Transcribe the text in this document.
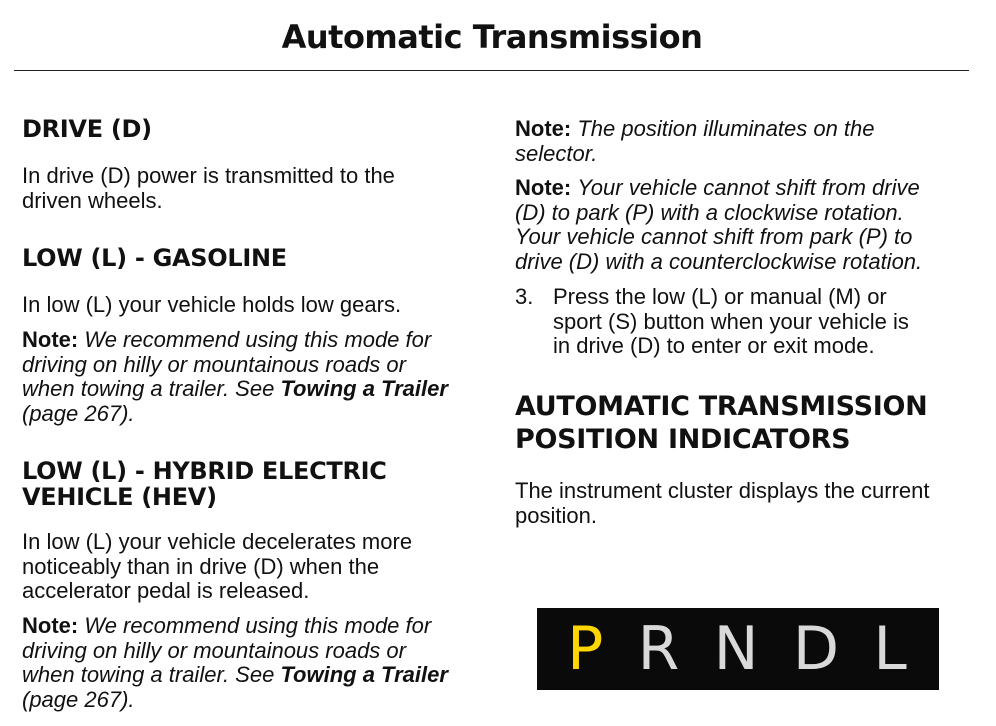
Automatic Transmission
DRIVE (D)

In drive (D) power is transmitted to the
driven wheels.

LOW (L) - GASOLINE

In low (L) your vehicle holds low gears.

Note: We recommend using this mode for
driving on hilly or mountainous roads or
when towing a trailer. See Towing a Trailer
(page 267).

LOW (L) - HYBRID ELECTRIC
VEHICLE (HEV)

In low (L) your vehicle decelerates more
noticeably than in drive (D) when the
accelerator pedal is released.

Note: We recommend using this mode for
driving on hilly or mountainous roads or
when towing a trailer. See Towing a Trailer
(page 267).

Note: The position illuminates on the
selector.

Note: Your vehicle cannot shift from drive
(D) to park (P) with a clockwise rotation.
Your vehicle cannot shift from park (P) to
drive (D) with a counterclockwise rotation.

3. Press the low (L) or manual (M) or
sport (S) button when your vehicle is
in drive (D) to enter or exit mode.

AUTOMATIC TRANSMISSION
POSITION INDICATORS

The instrument cluster displays the current
position.

P R N D L
